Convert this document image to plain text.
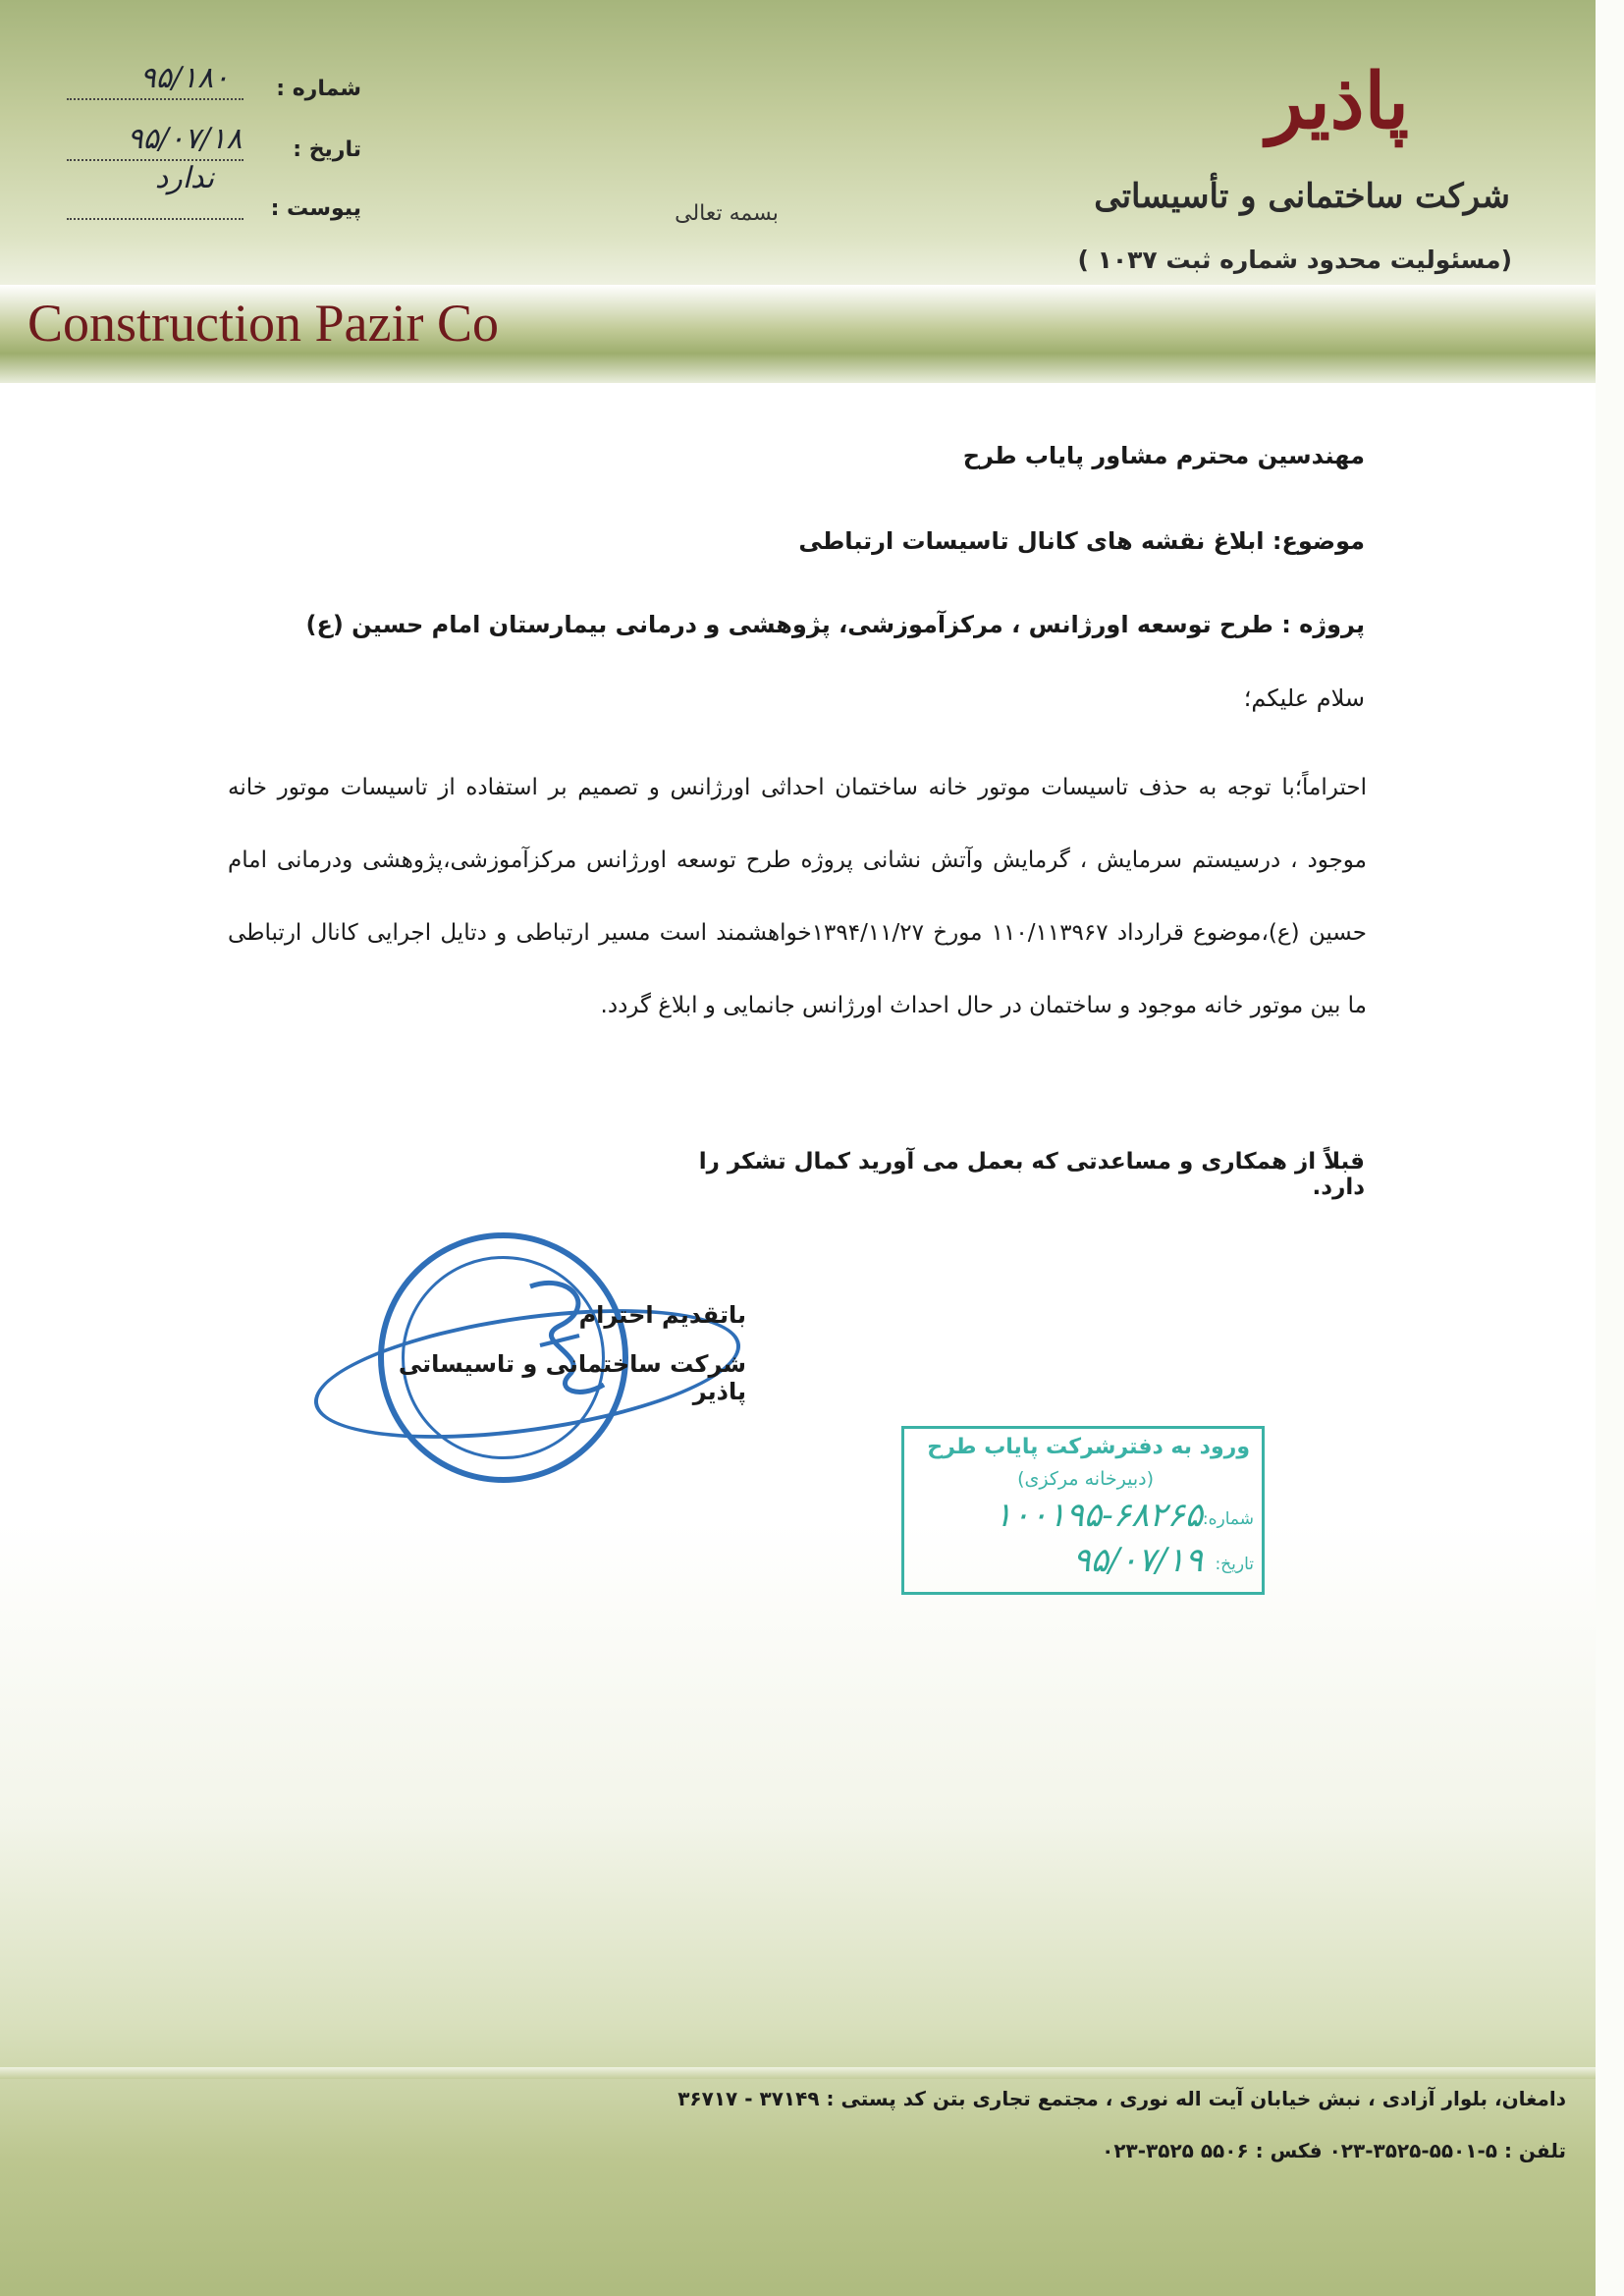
پاذیر
شرکت ساختمانی و تأسیساتی
(مسئولیت محدود شماره ثبت ۱۰۳۷ )
Construction Pazir Co
بسمه تعالی
شماره :
۹۵/۱۸۰
تاریخ :
۹۵/۰۷/۱۸
پیوست :
ندارد
مهندسین محترم مشاور پایاب طرح
موضوع: ابلاغ نقشه های کانال تاسیسات ارتباطی
پروژه : طرح توسعه اورژانس ، مرکزآموزشی، پژوهشی و درمانی بیمارستان امام حسین (ع)
سلام علیکم؛
احتراماً؛با توجه به حذف تاسیسات موتور خانه ساختمان احداثی اورژانس و تصمیم بر استفاده از تاسیسات موتور خانه موجود ، درسیستم سرمایش ، گرمایش وآتش نشانی پروژه طرح توسعه اورژانس مرکزآموزشی،پژوهشی ودرمانی امام حسین (ع)،موضوع قرارداد ۱۱۰/۱۱۳۹۶۷ مورخ ۱۳۹۴/۱۱/۲۷خواهشمند است مسیر ارتباطی و دتایل اجرایی کانال ارتباطی ما بین موتور خانه موجود و ساختمان در حال احداث اورژانس جانمایی و ابلاغ گردد.
قبلاً از همکاری و مساعدتی که بعمل می آورید کمال تشکر را دارد.
باتقدیم احترام
شرکت ساختمانی و تاسیساتی پاذیر
ورود به دفترشرکت پایاب طرح
(دبیرخانه مرکزی)
شماره:
۱۰۰۱۹۵-۶۸۲۶۵
تاریخ:
۹۵/۰۷/۱۹
دامغان، بلوار آزادی ، نبش خیابان آیت اله نوری ، مجتمع تجاری بتن کد پستی : ۳۷۱۴۹ - ۳۶۷۱۷
تلفن : ۵-۵۵۰۱-۳۵۲۵-۰۲۳ فکس : ۵۵۰۶ ۳۵۲۵-۰۲۳
